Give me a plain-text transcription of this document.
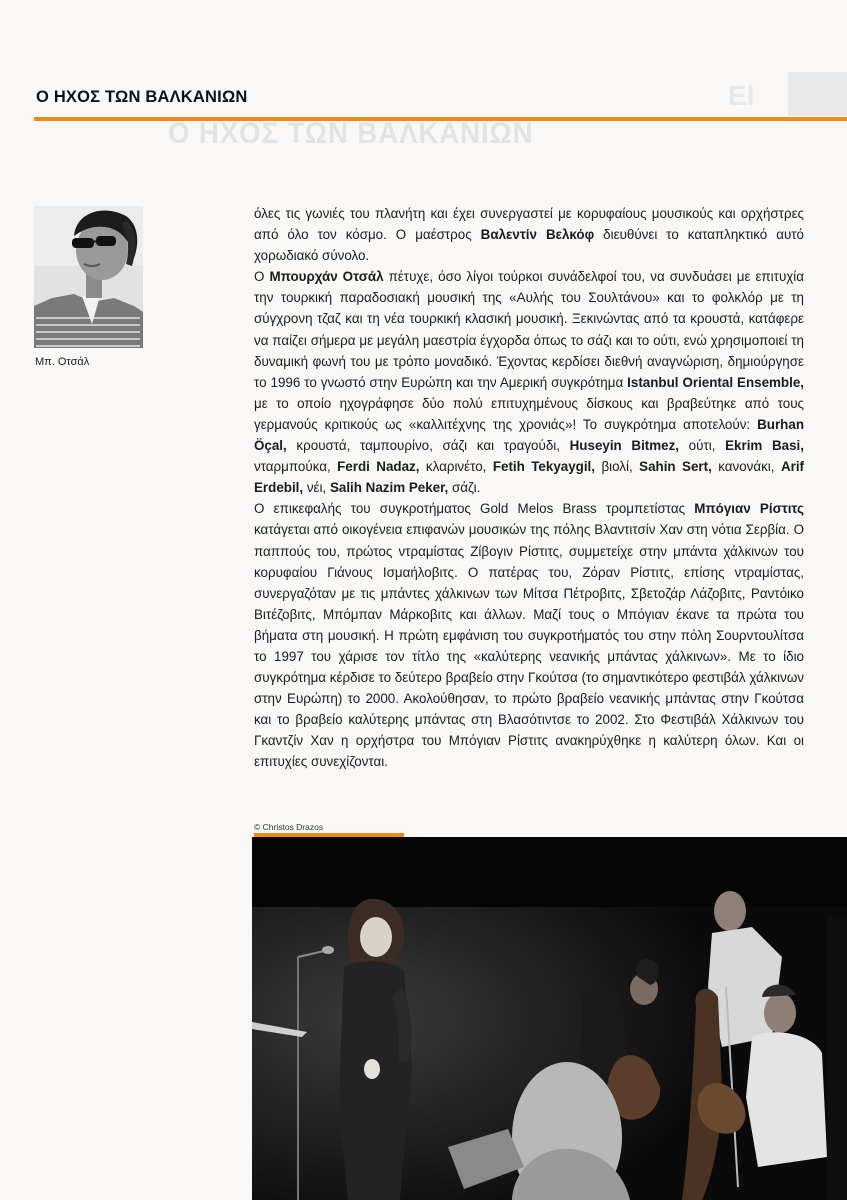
El
Ο ΗΧΟΣ ΤΩΝ ΒΑΛΚΑΝΙΩΝ
Ο ΗΧΟΣ ΤΩΝ ΒΑΛΚΑΝΙΩΝ
Μπ. Οτσάλ

όλες τις γωνιές του πλανήτη και έχει συνεργαστεί με κορυφαίους μουσικούς και ορχήστρες από όλο τον κόσμο. Ο μαέστρος Βαλεντίν Βελκόφ διευθύνει το καταπληκτικό αυτό χορωδιακό σύνολο.

Ο Μπουρχάν Οτσάλ πέτυχε, όσο λίγοι τούρκοι συνάδελφοί του, να συνδυάσει με επιτυχία την τουρκική παραδοσιακή μουσική της «Αυλής του Σουλτάνου» και το φολκλόρ με τη σύγχρονη τζαζ και τη νέα τουρκική κλασική μουσική. Ξεκινώντας από τα κρουστά, κατάφερε να παίζει σήμερα με μεγάλη μαεστρία έγχορδα όπως το σάζι και το ούτι, ενώ χρησιμοποιεί τη δυναμική φωνή του με τρόπο μοναδικό. Έχοντας κερδίσει διεθνή αναγνώριση, δημιούργησε το 1996 το γνωστό στην Ευρώπη και την Αμερική συγκρότημα Istanbul Oriental Ensemble, με το οποίο ηχογράφησε δύο πολύ επιτυχημένους δίσκους και βραβεύτηκε από τους γερμανούς κριτικούς ως «καλλιτέχνης της χρονιάς»! Το συγκρότημα αποτελούν: Burhan Öçal, κρουστά, ταμπουρίνο, σάζι και τραγούδι, Huseyin Bitmez, ούτι, Ekrim Basi, νταρμπούκα, Ferdi Nadaz, κλαρινέτο, Fetih Tekyaygil, βιολί, Sahin Sert, κανονάκι, Arif Erdebil, νέι, Salih Nazim Peker, σάζι.

Ο επικεφαλής του συγκροτήματος Gold Melos Brass τρομπετίστας Μπόγιαν Ρίστιτς κατάγεται από οικογένεια επιφανών μουσικών της πόλης Βλαντιτσίν Χαν στη νότια Σερβία. Ο παππούς του, πρώτος ντραμίστας Ζίβογιν Ρίστιτς, συμμετείχε στην μπάντα χάλκινων του κορυφαίου Γιάνους Ισμαήλοβιτς. Ο πατέρας του, Ζόραν Ρίστιτς, επίσης ντραμίστας, συνεργαζόταν με τις μπάντες χάλκινων των Μίτσα Πέτροβιτς, Σβετοζάρ Λάζοβιτς, Ραντόικο Βιτέζοβιτς, Μπόμπαν Μάρκοβιτς και άλλων. Μαζί τους ο Μπόγιαν έκανε τα πρώτα του βήματα στη μουσική. Η πρώτη εμφάνιση του συγκροτήματός του στην πόλη Σουρντουλίτσα το 1997 του χάρισε τον τίτλο της «καλύτερης νεανικής μπάντας χάλκινων». Με το ίδιο συγκρότημα κέρδισε το δεύτερο βραβείο στην Γκούτσα (το σημαντικότερο φεστιβάλ χάλκινων στην Ευρώπη) το 2000. Ακολούθησαν, το πρώτο βραβείο νεανικής μπάντας στην Γκούτσα και το βραβείο καλύτερης μπάντας στη Βλασότιντσε το 2002. Στο Φεστιβάλ Χάλκινων του Γκαντζίν Χαν η ορχήστρα του Μπόγιαν Ρίστιτς ανακηρύχθηκε η καλύτερη όλων. Και οι επιτυχίες συνεχίζονται.

© Christos Drazos
